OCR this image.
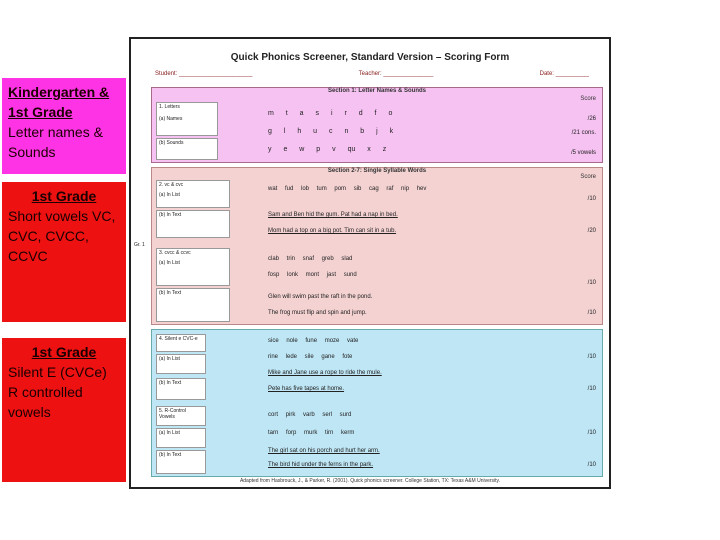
Kindergarten & 1st Grade
Letter names & Sounds
1st Grade
Short vowels VC, CVC, CVCC, CCVC
1st Grade
Silent E (CVCe) R controlled vowels
Quick Phonics Screener, Standard Version – Scoring Form
Student: ______________________	Teacher: _______________	Date: __________
Section 1: Letter Names & Sounds
Score
1. Letters
(a) Names
(b) Sounds
m t a s i r d f o
g l h u c n b j k
y e w p v qu x z
/26
/21 cons.
/5 vowels
Section 2-7: Single Syllable Words
Score
2. vc & cvc
(a) In List
(b) In Text
wat fud lob tum pom sib cag raf nip hev
Sam and Ben hid the gum. Pat had a nap in bed.
Mom had a top on a big pot. Tim can sit in a tub.
/10
/20
Gr. 1
3. cvcc & ccvc
(a) In List
(b) In Text
clab trin snaf greb slad
fosp lonk mont jast sund
Glen will swim past the raft in the pond.
The frog must flip and spin and jump.
/10
/10
4. Silent e CVC-e
(a) In List
(b) In Text
sice nole fune moze vate
rine lede sile gane fote
Mike and Jane use a rope to ride the mule.
Pete has five tapes at home.
/10
/10
5. R-Control Vowels
(a) In List
(b) In Text
cort pirk varb serl surd
tarn forp murk tirn kerm
The girl sat on his porch and hurt her arm.
The bird hid under the ferns in the park.
/10
/10
Adapted from Hasbrouck, J., & Parker, R. (2001). Quick phonics screener. College Station, TX: Texas A&M University.
